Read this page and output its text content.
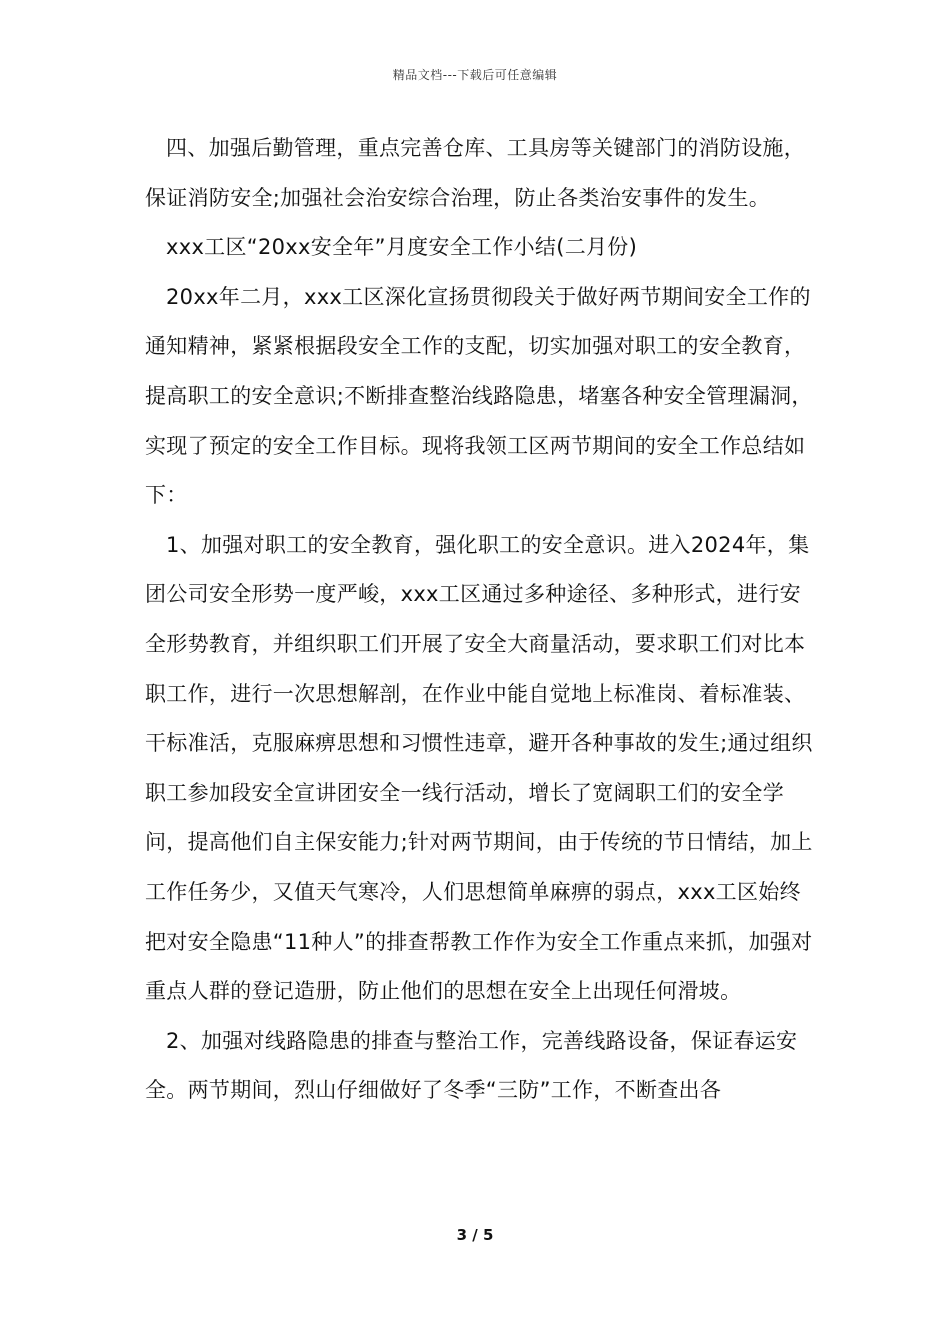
精品文档---下载后可任意编辑

四、加强后勤管理，重点完善仓库、工具房等关键部门的消防设施，保证消防安全;加强社会治安综合治理，防止各类治安事件的发生。

xxx工区“20xx安全年”月度安全工作小结(二月份)

20xx年二月，xxx工区深化宣扬贯彻段关于做好两节期间安全工作的通知精神，紧紧根据段安全工作的支配，切实加强对职工的安全教育，提高职工的安全意识;不断排查整治线路隐患，堵塞各种安全管理漏洞，实现了预定的安全工作目标。现将我领工区两节期间的安全工作总结如下：

1、加强对职工的安全教育，强化职工的安全意识。进入2024年，集团公司安全形势一度严峻，xxx工区通过多种途径、多种形式，进行安全形势教育，并组织职工们开展了安全大商量活动，要求职工们对比本职工作，进行一次思想解剖，在作业中能自觉地上标准岗、着标准装、干标准活，克服麻痹思想和习惯性违章，避开各种事故的发生;通过组织职工参加段安全宣讲团安全一线行活动，增长了宽阔职工们的安全学问，提高他们自主保安能力;针对两节期间，由于传统的节日情结，加上工作任务少，又值天气寒冷，人们思想简单麻痹的弱点，xxx工区始终把对安全隐患“11种人”的排查帮教工作作为安全工作重点来抓，加强对重点人群的登记造册，防止他们的思想在安全上出现任何滑坡。

2、加强对线路隐患的排查与整治工作，完善线路设备，保证春运安全。两节期间，烈山仔细做好了冬季“三防”工作，不断查出各

3 / 5
